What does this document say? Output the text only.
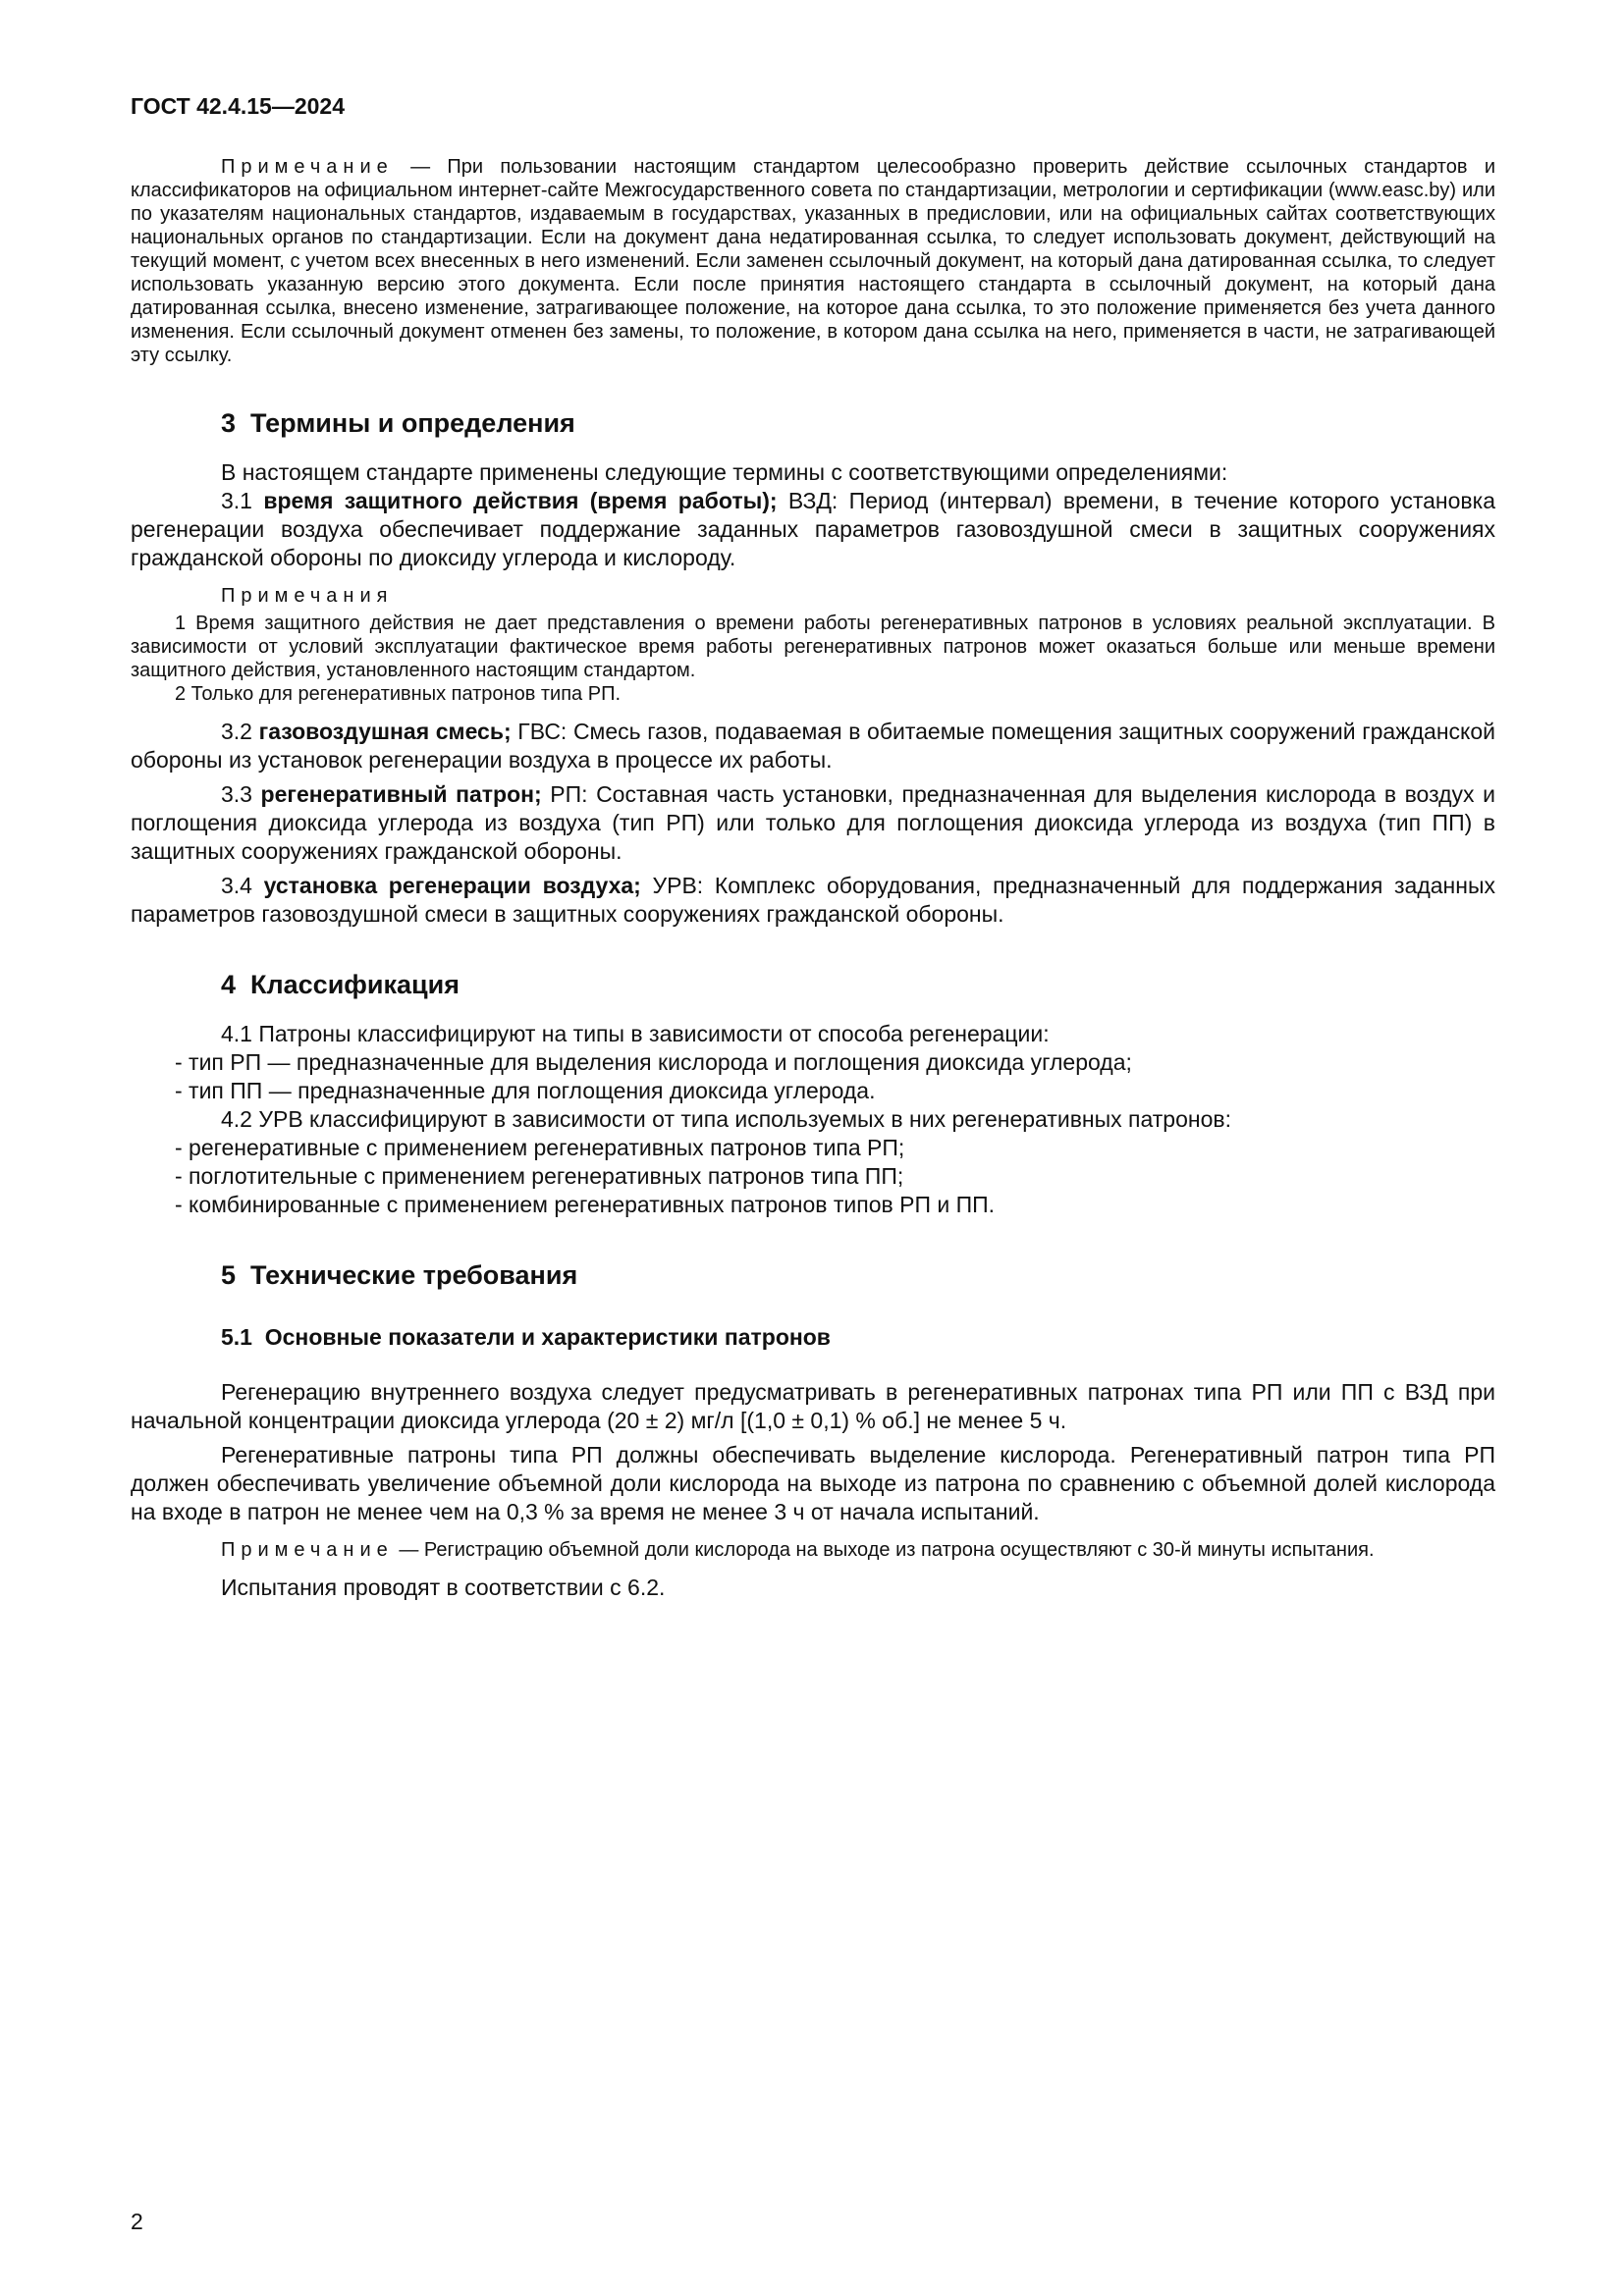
ГОСТ 42.4.15—2024

Примечание — При пользовании настоящим стандартом целесообразно проверить действие ссылочных стандартов и классификаторов на официальном интернет-сайте Межгосударственного совета по стандартизации, метрологии и сертификации (www.easc.by) или по указателям национальных стандартов, издаваемым в государствах, указанных в предисловии, или на официальных сайтах соответствующих национальных органов по стандартизации. Если на документ дана недатированная ссылка, то следует использовать документ, действующий на текущий момент, с учетом всех внесенных в него изменений. Если заменен ссылочный документ, на который дана датированная ссылка, то следует использовать указанную версию этого документа. Если после принятия настоящего стандарта в ссылочный документ, на который дана датированная ссылка, внесено изменение, затрагивающее положение, на которое дана ссылка, то это положение применяется без учета данного изменения. Если ссылочный документ отменен без замены, то положение, в котором дана ссылка на него, применяется в части, не затрагивающей эту ссылку.

3  Термины и определения

В настоящем стандарте применены следующие термины с соответствующими определениями:

3.1 время защитного действия (время работы); ВЗД: Период (интервал) времени, в течение которого установка регенерации воздуха обеспечивает поддержание заданных параметров газовоздушной смеси в защитных сооружениях гражданской обороны по диоксиду углерода и кислороду.

Примечания

1 Время защитного действия не дает представления о времени работы регенеративных патронов в условиях реальной эксплуатации. В зависимости от условий эксплуатации фактическое время работы регенеративных патронов может оказаться больше или меньше времени защитного действия, установленного настоящим стандартом.

2 Только для регенеративных патронов типа РП.

3.2 газовоздушная смесь; ГВС: Смесь газов, подаваемая в обитаемые помещения защитных сооружений гражданской обороны из установок регенерации воздуха в процессе их работы.

3.3 регенеративный патрон; РП: Составная часть установки, предназначенная для выделения кислорода в воздух и поглощения диоксида углерода из воздуха (тип РП) или только для поглощения диоксида углерода из воздуха (тип ПП) в защитных сооружениях гражданской обороны.

3.4 установка регенерации воздуха; УРВ: Комплекс оборудования, предназначенный для поддержания заданных параметров газовоздушной смеси в защитных сооружениях гражданской обороны.

4  Классификация

4.1 Патроны классифицируют на типы в зависимости от способа регенерации:

- тип РП — предназначенные для выделения кислорода и поглощения диоксида углерода;

- тип ПП — предназначенные для поглощения диоксида углерода.

4.2 УРВ классифицируют в зависимости от типа используемых в них регенеративных патронов:

- регенеративные с применением регенеративных патронов типа РП;

- поглотительные с применением регенеративных патронов типа ПП;

- комбинированные с применением регенеративных патронов типов РП и ПП.

5  Технические требования
5.1  Основные показатели и характеристики патронов

Регенерацию внутреннего воздуха следует предусматривать в регенеративных патронах типа РП или ПП с ВЗД при начальной концентрации диоксида углерода (20 ± 2) мг/л [(1,0 ± 0,1) % об.] не менее 5 ч.

Регенеративные патроны типа РП должны обеспечивать выделение кислорода. Регенеративный патрон типа РП должен обеспечивать увеличение объемной доли кислорода на выходе из патрона по сравнению с объемной долей кислорода на входе в патрон не менее чем на 0,3 % за время не менее 3 ч от начала испытаний.

Примечание — Регистрацию объемной доли кислорода на выходе из патрона осуществляют с 30-й минуты испытания.

Испытания проводят в соответствии с 6.2.

2
